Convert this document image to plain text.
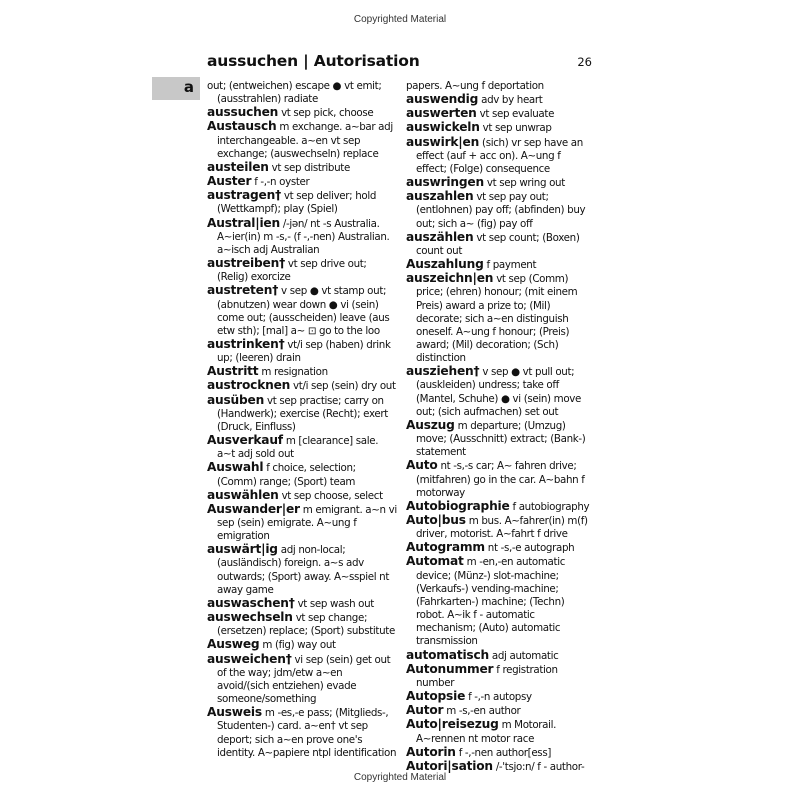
Copyrighted Material
aussuchen | Autorisation	26
a out; (entweichen) escape ● vt emit; (ausstrahlen) radiate

aussuchen vt sep pick, choose

Austausch m exchange. a~bar adj interchangeable. a~en vt sep exchange; (auswechseln) replace

austeilen vt sep distribute

Auster f -,-n oyster

austragen† vt sep deliver; hold (Wettkampf); play (Spiel)

Austral|ien /-jən/ nt -s Australia. A~ier(in) m -s,- (f -,-nen) Australian. a~isch adj Australian

austreiben† vt sep drive out; (Relig) exorcize

austreten† v sep ● vt stamp out; (abnutzen) wear down ● vi (sein) come out; (ausscheiden) leave (aus etw sth); [mal] a~ ⊡ go to the loo

austrinken† vt/i sep (haben) drink up; (leeren) drain

Austritt m resignation

austrocknen vt/i sep (sein) dry out

ausüben vt sep practise; carry on (Handwerk); exercise (Recht); exert (Druck, Einfluss)

Ausverkauf m [clearance] sale. a~t adj sold out

Auswahl f choice, selection; (Comm) range; (Sport) team

auswählen vt sep choose, select

Auswander|er m emigrant. a~n vi sep (sein) emigrate. A~ung f emigration

auswärt|ig adj non-local; (ausländisch) foreign. a~s adv outwards; (Sport) away. A~sspiel nt away game

auswaschen† vt sep wash out

auswechseln vt sep change; (ersetzen) replace; (Sport) substitute

Ausweg m (fig) way out

ausweichen† vi sep (sein) get out of the way; jdm/etw a~en avoid/(sich entziehen) evade someone/something

Ausweis m -es,-e pass; (Mitglieds-, Studenten-) card. a~en† vt sep deport; sich a~en prove one's identity. A~papiere ntpl identification

papers. A~ung f deportation

auswendig adv by heart

auswerten vt sep evaluate

auswickeln vt sep unwrap

auswirk|en (sich) vr sep have an effect (auf + acc on). A~ung f effect; (Folge) consequence

auswringen vt sep wring out

auszahlen vt sep pay out; (entlohnen) pay off; (abfinden) buy out; sich a~ (fig) pay off

auszählen vt sep count; (Boxen) count out

Auszahlung f payment

auszeichn|en vt sep (Comm) price; (ehren) honour; (mit einem Preis) award a prize to; (Mil) decorate; sich a~en distinguish oneself. A~ung f honour; (Preis) award; (Mil) decoration; (Sch) distinction

ausziehen† v sep ● vt pull out; (auskleiden) undress; take off (Mantel, Schuhe) ● vi (sein) move out; (sich aufmachen) set out

Auszug m departure; (Umzug) move; (Ausschnitt) extract; (Bank-) statement

Auto nt -s,-s car; A~ fahren drive; (mitfahren) go in the car. A~bahn f motorway

Autobiographie f autobiography

Auto|bus m bus. A~fahrer(in) m(f) driver, motorist. A~fahrt f drive

Autogramm nt -s,-e autograph

Automat m -en,-en automatic device; (Münz-) slot-machine; (Verkaufs-) vending-machine; (Fahrkarten-) machine; (Techn) robot. A~ik f - automatic mechanism; (Auto) automatic transmission

automatisch adj automatic

Autonummer f registration number

Autopsie f -,-n autopsy

Autor m -s,-en author

Auto|reisezug m Motorail. A~rennen nt motor race

Autorin f -,-nen author[ess]

Autori|sation /-'tsjo:n/ f - author-

Copyrighted Material
